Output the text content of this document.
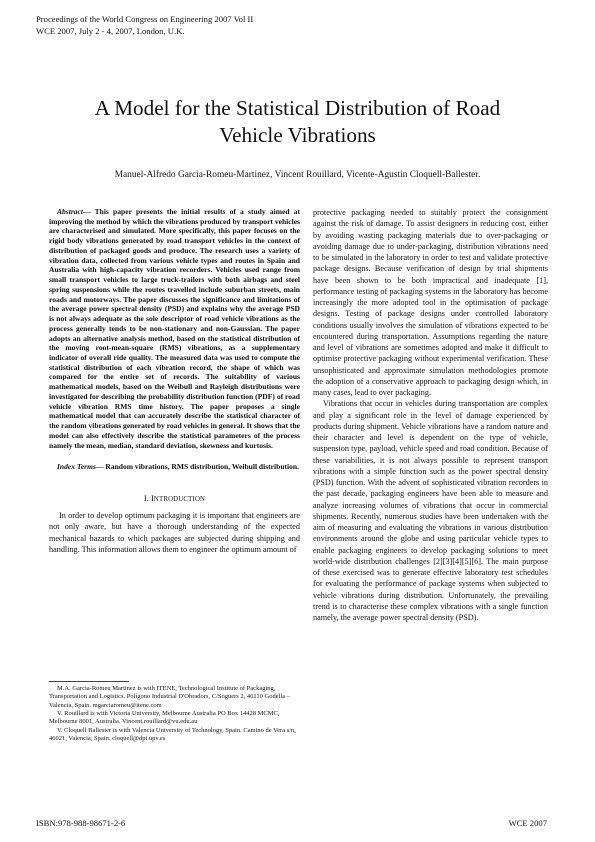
Proceedings of the World Congress on Engineering 2007 Vol II
WCE 2007, July 2 - 4, 2007, London, U.K.
A Model for the Statistical Distribution of Road
Vehicle Vibrations
Manuel-Alfredo Garcia-Romeu-Martinez, Vincent Rouillard, Vicente-Agustin Cloquell-Ballester.

Abstract— This paper presents the initial results of a study aimed at improving the method by which the vibrations produced by transport vehicles are characterised and simulated. More specifically, this paper focuses on the rigid body vibrations generated by road transport vehicles in the context of distribution of packaged goods and produce. The research uses a variety of vibration data, collected from various vehicle types and routes in Spain and Australia with high-capacity vibration recorders. Vehicles used range from small transport vehicles to large truck-trailers with both airbags and steel spring suspensions while the routes travelled include suburban streets, main roads and motorways. The paper discusses the significance and limitations of the average power spectral density (PSD) and explains why the average PSD is not always adequate as the sole descriptor of road vehicle vibrations as the process generally tends to be non-stationary and non-Gaussian. The paper adopts an alternative analysis method, based on the statistical distribution of the moving root-mean-square (RMS) vibrations, as a supplementary indicator of overall ride quality. The measured data was used to compute the statistical distribution of each vibration record, the shape of which was compared for the entire set of records. The suitability of various mathematical models, based on the Weibull and Rayleigh distributions were investigated for describing the probability distribution function (PDF) of road vehicle vibration RMS time history. The paper proposes a single mathematical model that can accurately describe the statistical character of the random vibrations generated by road vehicles in general. It shows that the model can also effectively describe the statistical parameters of the process namely the mean, median, standard deviation, skewness and kurtosis.

Index Terms— Random vibrations, RMS distribution, Weibull distribution.

I. INTRODUCTION

In order to develop optimum packaging it is important that engineers are not only aware, but have a thorough understanding of the expected mechanical hazards to which packages are subjected during shipping and handling. This information allows them to engineer the optimum amount of

M.A. Garcia-Romeu Martinez is with ITENE, Technological Institute of Packaging, Transportation and Logistics. Polígono Industrial D'Obradors, C/Soguers 2, 46110 Godella – Valencia, Spain. mgarciaromeu@itene.com

V. Rouillard is with Victoria University, Melbourne Australia PO Box 14428 MCMC, Melbourne 8001, Australia. Vincent.rouillard@vu.edu.au

V. Cloquell Ballester is with Valencia University of Technology, Spain. Camino de Vera s/n, 46021, Valencia, Spain. cloquell@dpi.upv.es

protective packaging needed to suitably protect the consignment against the risk of damage. To assist designers in reducing cost, either by avoiding wasting packaging materials due to over-packaging or avoiding damage due to under-packaging, distribution vibrations need to be simulated in the laboratory in order to test and validate protective package designs. Because verification of design by trial shipments have been shown to be both impractical and inadequate [1], performance testing of packaging systems in the laboratory has become increasingly the more adopted tool in the optimisation of package designs. Testing of package designs under controlled laboratory conditions usually involves the simulation of vibrations expected to be encountered during transportation. Assumptions regarding the nature and level of vibrations are sometimes adopted and make it difficult to optimise protective packaging without experimental verification. These unsophisticated and approximate simulation methodologies promote the adoption of a conservative approach to packaging design which, in many cases, lead to over packaging.

Vibrations that occur in vehicles during transportation are complex and play a significant role in the level of damage experienced by products during shipment. Vehicle vibrations have a random nature and their character and level is dependent on the type of vehicle, suspension type, payload, vehicle speed and road condition. Because of these variabilities, it is not always possible to represent transport vibrations with a simple function such as the power spectral density (PSD) function. With the advent of sophisticated vibration recorders in the past decade, packaging engineers have been able to measure and analyze increasing volumes of vibrations that occur in commercial shipments. Recently, numerous studies have been undertaken with the aim of measuring and evaluating the vibrations in various distribution environments around the globe and using particular vehicle types to enable packaging engineers to develop packaging solutions to meet world-wide distribution challenges [2][3][4][5][6]. The main purpose of these exercised was to generate effective laboratory test schedules for evaluating the performance of package systems when subjected to vehicle vibrations during distribution. Unfortunately, the prevailing trend is to characterise these complex vibrations with a single function namely, the average power spectral density (PSD).

ISBN:978-988-98671-2-6	WCE 2007
